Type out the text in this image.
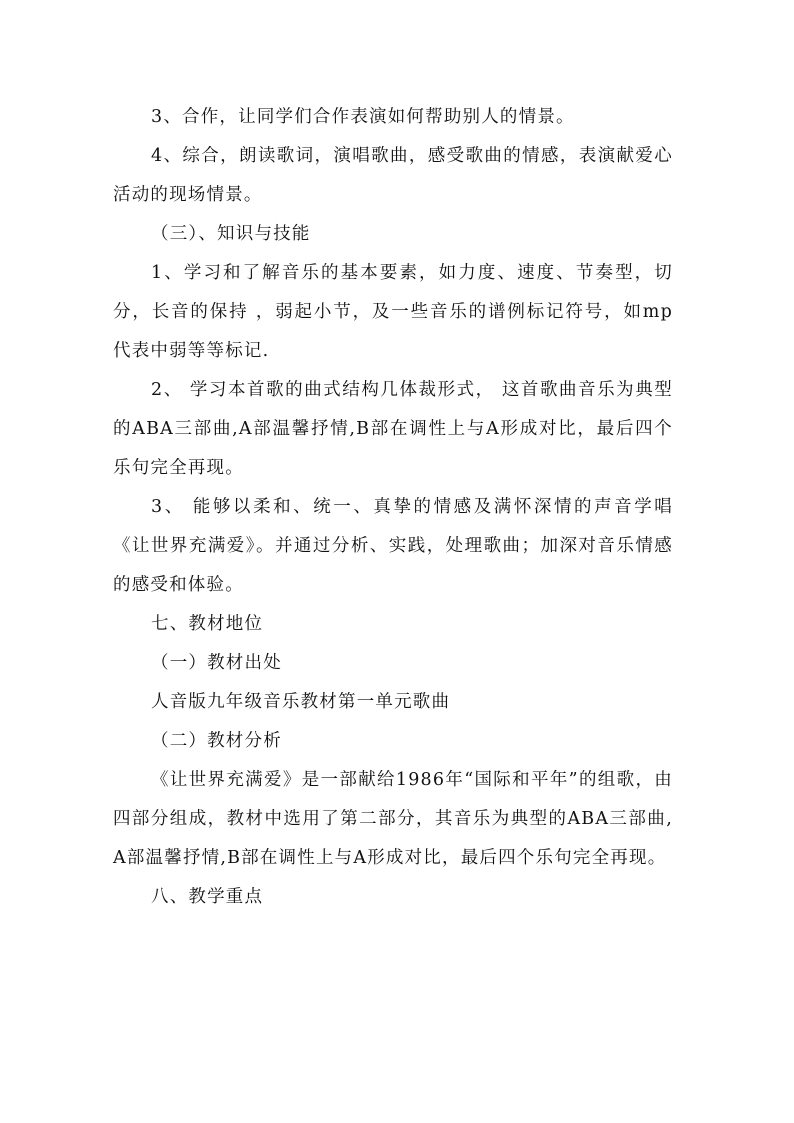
3、合作，让同学们合作表演如何帮助别人的情景。

4、综合，朗读歌词，演唱歌曲，感受歌曲的情感，表演献爱心活动的现场情景。

（三）、知识与技能

1、学习和了解音乐的基本要素，如力度、速度、节奏型，切分，长音的保持 ，弱起小节，及一些音乐的谱例标记符号，如mp代表中弱等等标记.

2、 学习本首歌的曲式结构几体裁形式， 这首歌曲音乐为典型的ABA三部曲,A部温馨抒情,B部在调性上与A形成对比，最后四个乐句完全再现。

3、 能够以柔和、统一、真挚的情感及满怀深情的声音学唱《让世界充满爱》。并通过分析、实践，处理歌曲；加深对音乐情感的感受和体验。

七、教材地位

（一）教材出处

人音版九年级音乐教材第一单元歌曲

（二）教材分析

《让世界充满爱》是一部献给1986年“国际和平年”的组歌，由四部分组成，教材中选用了第二部分，其音乐为典型的ABA三部曲,A部温馨抒情,B部在调性上与A形成对比，最后四个乐句完全再现。

八、教学重点
